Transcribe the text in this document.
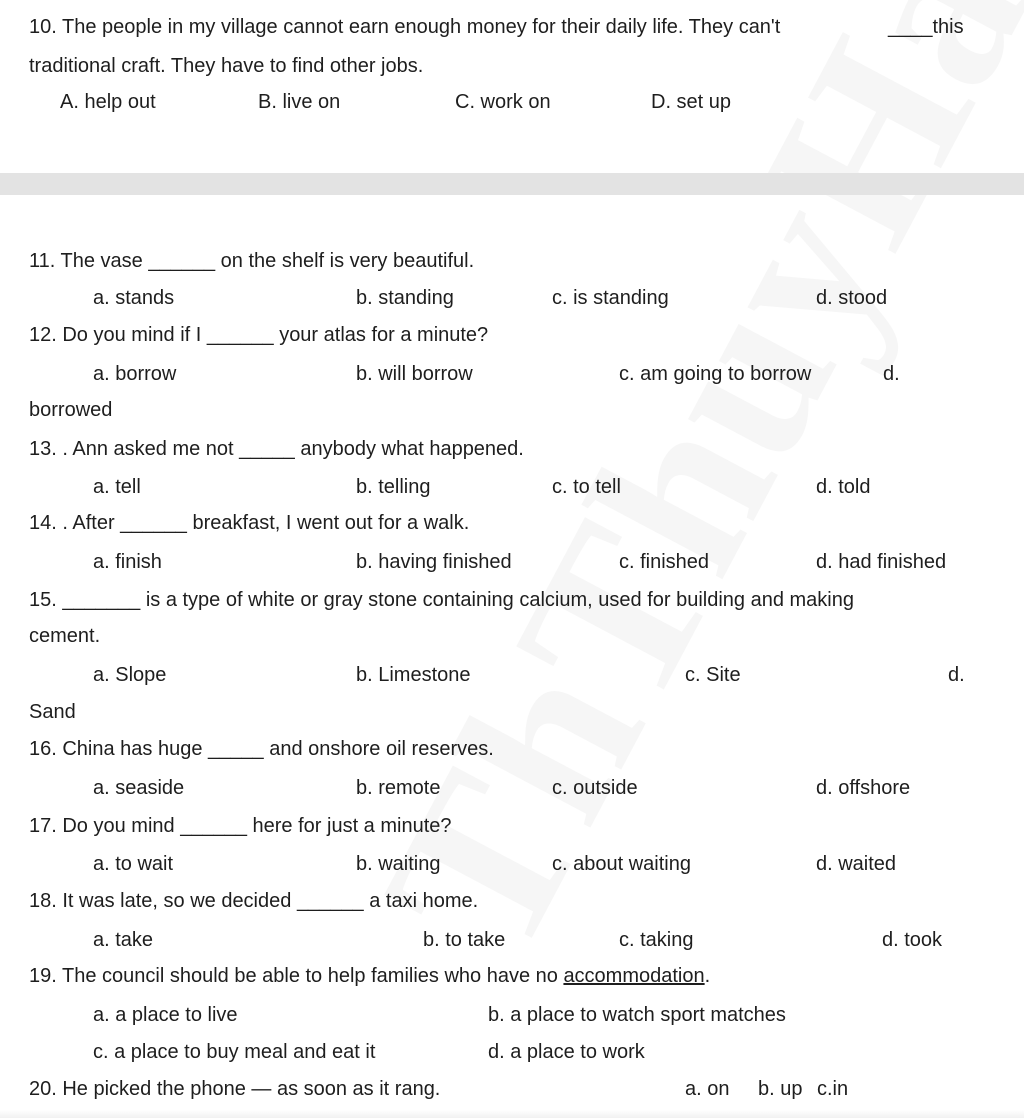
10. The people in my village cannot earn enough money for their daily life. They can't	____this
traditional craft. They have to find other jobs.
A. help out	B. live on	C. work on	D. set up
11. The vase ______ on the shelf is very beautiful.
a. stands	b. standing	c. is standing	d. stood
12. Do you mind if I ______ your atlas for a minute?
a. borrow	b. will borrow	c. am going to borrow	d.
borrowed
13. . Ann asked me not _____ anybody what happened.
a. tell	b. telling	c. to tell	d. told
14. . After ______ breakfast, I went out for a walk.
a. finish	b. having finished	c. finished	d. had finished
15. _______ is a type of white or gray stone containing calcium, used for building and making
cement.
a. Slope	b. Limestone	c. Site	d.
Sand
16. China has huge _____ and onshore oil reserves.
a. seaside	b. remote	c. outside	d. offshore
17. Do you mind ______ here for just a minute?
a. to wait	b. waiting	c. about waiting	d. waited
18. It was late, so we decided ______ a taxi home.
a. take	b. to take	c. taking	d. took
19. The council should be able to help families who have no accommodation.
a. a place to live	b. a place to watch sport matches
c. a place to buy meal and eat it	d. a place to work
20. He picked the phone — as soon as it rang.	a. on b. up c.in
